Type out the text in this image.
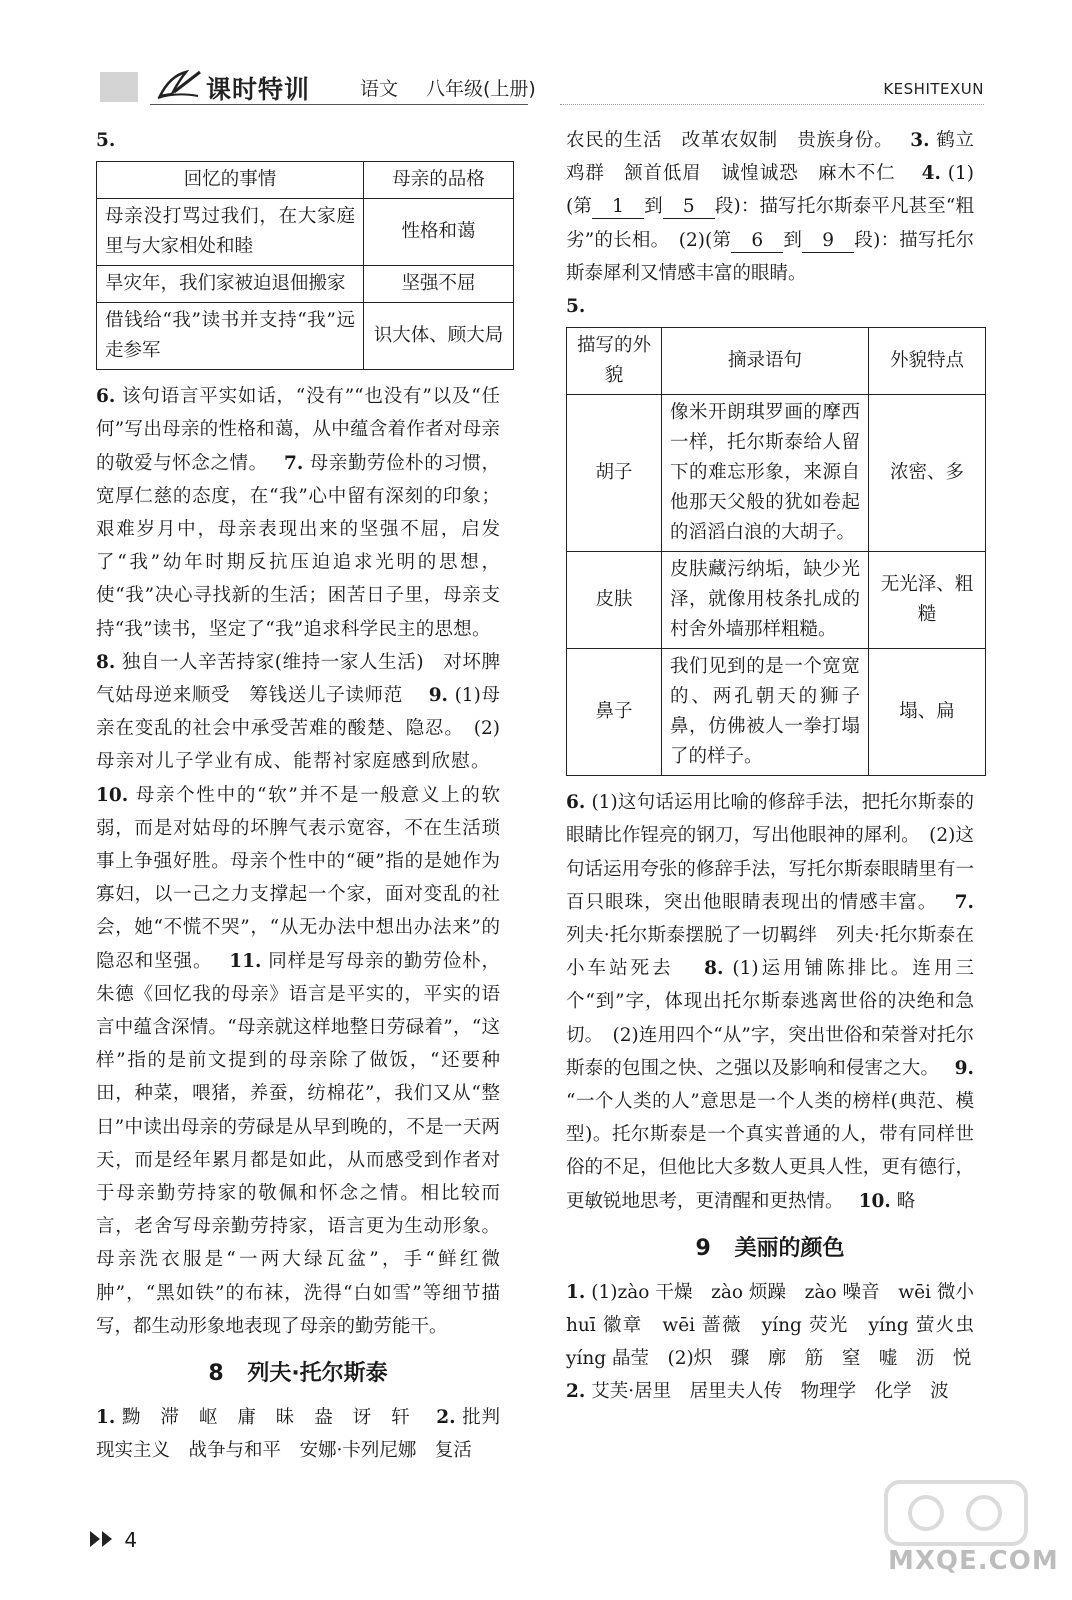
课时特训	语文 八年级(上册)	KESHITEXUN

5.

回忆的事情	母亲的品格
母亲没打骂过我们，在大家庭里与大家相处和睦	性格和蔼
旱灾年，我们家被迫退佃搬家	坚强不屈
借钱给“我”读书并支持“我”远走参军	识大体、顾大局

6. 该句语言平实如话，“没有”“也没有”以及“任何”写出母亲的性格和蔼，从中蕴含着作者对母亲的敬爱与怀念之情。　 7. 母亲勤劳俭朴的习惯，宽厚仁慈的态度，在“我”心中留有深刻的印象；艰难岁月中，母亲表现出来的坚强不屈，启发了“我”幼年时期反抗压迫追求光明的思想，使“我”决心寻找新的生活；困苦日子里，母亲支持“我”读书，坚定了“我”追求科学民主的思想。　 8. 独自一人辛苦持家(维持一家人生活)　对坏脾气姑母逆来顺受　筹钱送儿子读师范　 9. (1)母亲在变乱的社会中承受苦难的酸楚、隐忍。　(2)母亲对儿子学业有成、能帮衬家庭感到欣慰。　 10. 母亲个性中的“软”并不是一般意义上的软弱，而是对姑母的坏脾气表示宽容，不在生活琐事上争强好胜。母亲个性中的“硬”指的是她作为寡妇，以一己之力支撑起一个家，面对变乱的社会，她“不慌不哭”，“从无办法中想出办法来”的隐忍和坚强。　 11. 同样是写母亲的勤劳俭朴，朱德《回忆我的母亲》语言是平实的，平实的语言中蕴含深情。“母亲就这样地整日劳碌着”，“这样”指的是前文提到的母亲除了做饭，“还要种田，种菜，喂猪，养蚕，纺棉花”，我们又从“整日”中读出母亲的劳碌是从早到晚的，不是一天两天，而是经年累月都是如此，从而感受到作者对于母亲勤劳持家的敬佩和怀念之情。相比较而言，老舍写母亲勤劳持家，语言更为生动形象。母亲洗衣服是“一两大绿瓦盆”，手“鲜红微肿”，“黑如铁”的布袜，洗得“白如雪”等细节描写，都生动形象地表现了母亲的勤劳能干。

8 列夫·托尔斯泰

1. 黝　滞　岖　庸　昧　盎　讶　轩　 2. 批判现实主义　战争与和平　安娜·卡列尼娜　复活

农民的生活　改革农奴制　贵族身份。　 3. 鹤立鸡群　颔首低眉　诚惶诚恐　麻木不仁　 4. (1)(第 1 到 5 段)：描写托尔斯泰平凡甚至“粗劣”的长相。　(2)(第 6 到 9 段)：描写托尔斯泰犀利又情感丰富的眼睛。

5.

描写的外貌	摘录语句	外貌特点
胡子	像米开朗琪罗画的摩西一样，托尔斯泰给人留下的难忘形象，来源自他那天父般的犹如卷起的滔滔白浪的大胡子。	浓密、多
皮肤	皮肤藏污纳垢，缺少光泽，就像用枝条扎成的村舍外墙那样粗糙。	无光泽、粗糙
鼻子	我们见到的是一个宽宽的、两孔朝天的狮子鼻，仿佛被人一拳打塌了的样子。	塌、扁

6. (1)这句话运用比喻的修辞手法，把托尔斯泰的眼睛比作锃亮的钢刀，写出他眼神的犀利。　(2)这句话运用夸张的修辞手法，写托尔斯泰眼睛里有一百只眼珠，突出他眼睛表现出的情感丰富。　 7. 列夫·托尔斯泰摆脱了一切羁绊　列夫·托尔斯泰在小车站死去　 8. (1)运用铺陈排比。连用三个“到”字，体现出托尔斯泰逃离世俗的决绝和急切。　(2)连用四个“从”字，突出世俗和荣誉对托尔斯泰的包围之快、之强以及影响和侵害之大。　 9. “一个人类的人”意思是一个人类的榜样(典范、模型)。托尔斯泰是一个真实普通的人，带有同样世俗的不足，但他比大多数人更具人性，更有德行，更敏锐地思考，更清醒和更热情。　 10. 略

9 美丽的颜色

1. (1)zào 干燥　zào 烦躁　zào 噪音　wēi 微小　huī 徽章　wēi 蔷薇　yíng 荧光　yíng 萤火虫　yíng 晶莹　(2)炽　骤　廓　筋　窒　嘘　沥　悦

2. 艾芙·居里　居里夫人传　物理学　化学　波

4
MXQE.COM
